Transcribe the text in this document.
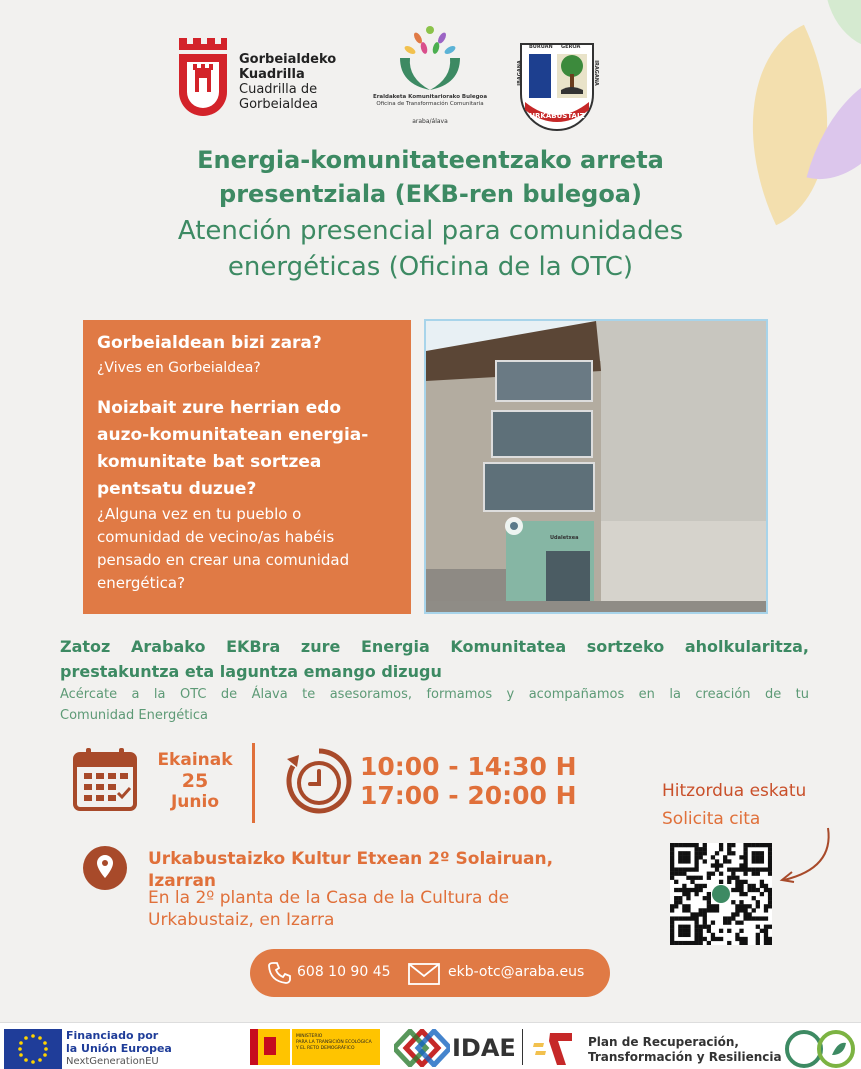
Gorbeialdeko
Kuadrilla
Cuadrilla de
Gorbeialdea	Eraldaketa Komunitariorako Bulegoa
Oficina de Transformación Comunitaria
araba/álava
BURUAN GEROA
IBAGANA	IRAGANA
URKABUSTAIZ
Energia-komunitateentzako arreta
presentziala (EKB-ren bulegoa)
Atención presencial para comunidades
energéticas (Oficina de la OTC)
Gorbeialdean bizi zara?
¿Vives en Gorbeialdea?
Noizbait zure herrian edo
auzo-komunitatean energia-
komunitate bat sortzea
pentsatu duzue?
¿Alguna vez en tu pueblo o
comunidad de vecino/as habéis
pensado en crear una comunidad
energética?
Udaletxea
Zatoz Arabako EKBra zure Energia Komunitatea sortzeko aholkularitza,
prestakuntza eta laguntza emango dizugu
Acércate a la OTC de Álava te asesoramos, formamos y acompañamos en la creación de tu
Comunidad Energética
Ekainak
25
Junio
10:00 - 14:30 H
17:00 - 20:00 H
Urkabustaizko Kultur Etxean 2º Solairuan,
Izarran
En la 2º planta de la Casa de la Cultura de
Urkabustaiz, en Izarra
Hitzordua eskatu
Solicita cita
608 10 90 45	ekb-otc@araba.eus
Financiado por
la Unión Europea
NextGenerationEU
MINISTERIO
PARA LA TRANSICIÓN ECOLÓGICA
Y EL RETO DEMOGRÁFICO	IDAE	Plan de Recuperación,
Transformación y Resiliencia
